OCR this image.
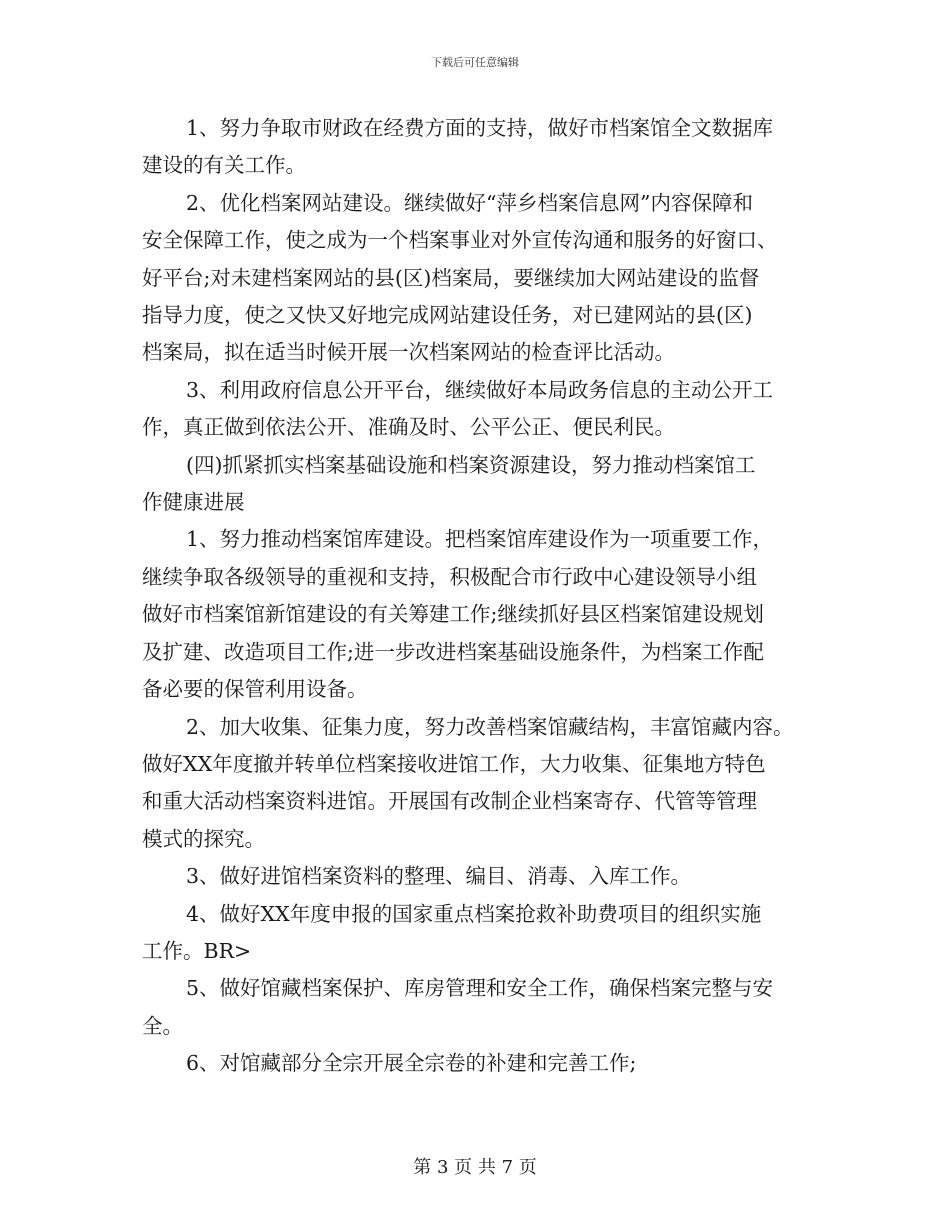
下载后可任意编辑

1、努力争取市财政在经费方面的支持，做好市档案馆全文数据库
建设的有关工作。

2、优化档案网站建设。继续做好“萍乡档案信息网”内容保障和
安全保障工作，使之成为一个档案事业对外宣传沟通和服务的好窗口、
好平台;对未建档案网站的县(区)档案局，要继续加大网站建设的监督
指导力度，使之又快又好地完成网站建设任务，对已建网站的县(区)
档案局，拟在适当时候开展一次档案网站的检查评比活动。

3、利用政府信息公开平台，继续做好本局政务信息的主动公开工
作，真正做到依法公开、准确及时、公平公正、便民利民。

(四)抓紧抓实档案基础设施和档案资源建设，努力推动档案馆工
作健康进展

1、努力推动档案馆库建设。把档案馆库建设作为一项重要工作，
继续争取各级领导的重视和支持，积极配合市行政中心建设领导小组
做好市档案馆新馆建设的有关筹建工作;继续抓好县区档案馆建设规划
及扩建、改造项目工作;进一步改进档案基础设施条件，为档案工作配
备必要的保管利用设备。

2、加大收集、征集力度，努力改善档案馆藏结构，丰富馆藏内容。
做好XX年度撤并转单位档案接收进馆工作，大力收集、征集地方特色
和重大活动档案资料进馆。开展国有改制企业档案寄存、代管等管理
模式的探究。

3、做好进馆档案资料的整理、编目、消毒、入库工作。

4、做好XX年度申报的国家重点档案抢救补助费项目的组织实施
工作。BR>

5、做好馆藏档案保护、库房管理和安全工作，确保档案完整与安
全。

6、对馆藏部分全宗开展全宗卷的补建和完善工作;

第 3 页 共 7 页
